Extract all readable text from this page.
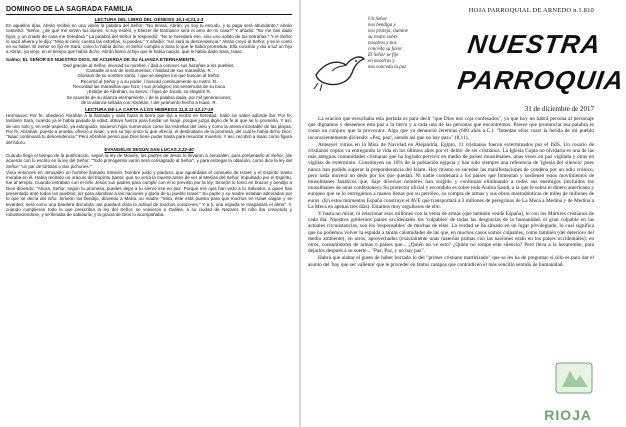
DOMINGO DE LA SAGRADA FAMILIA
LECTURA DEL LIBRO DEL GÉNESIS 15,1-6;21,1-3

En aquellos días, Abrán recibió en una visión la palabra del Señor: "No temas, Abrán, yo soy tu escudo, y tu paga será abundante." Abrán contestó: "Señor, ¿de qué me sirven tus dones, si soy estéril, y Eliezer de Damasco será el amo de mi casa?" Y añadió: "No me has dado hijos, y un criado de casa me heredará." La palabra del Señor le respondió: "No te heredará ése, sino uno salido de tus entrañas." Y el Señor lo sacó afuera y le dijo: "Mira al cielo; cuenta las estrellas, si puedes." Y añadió: "Así será tu descendencia." Abrán creyó al Señor, y se le contó en su haber. El Señor se fijó en Sara, como lo había dicho; el Señor cumplió a Sara lo que le había prometido. Ella concibió y dio a luz un hijo a Abrán, ya viejo, en el tiempo que había dicho. Abrán llamó al hijo que le había nacido, que le había dado Sara, Isaac.

Salmo: EL SEÑOR ES NUESTRO DIOS, SE ACUERDA DE SU ALIANZA ETERNAMENTE.
Dad gracias al Señor, invocad su nombre, / dad a conocer sus hazañas a los pueblos.
Cantadle al son de instrumentos, / hablad de sus maravillas. R.
Gloriaos de su nombre santo, / que se alegren los que buscan al Señor.
Recurrid al Señor y a su poder, / buscad continuamente su rostro. R.
Recordad las maravillas que hizo, / sus prodigios, las sentencias de su boca
¡Estirpe de Abrahán, su siervo; / hijos de Jacob, su elegido! R.
Se acuerda de su alianza eternamente, / de la palabra dada, por mil generaciones;
de la alianza sellada con Abrahán, / del juramento hecho a Isaac. R.
LECTURA DE LA CARTA A LOS HEBREOS 11,8.11-12.17-19

Hermanos: Por fe, obedeció Abrahán a la llamada y salió hacia la tierra que iba a recibir en heredad. Salió sin saber adónde iba. Por fe, también Sara, cuando ya le había pasado la edad, obtuvo fuerza para fundar un linaje, porque juzgó digno de fe al que se lo prometía. Y así, de uno solo y, en este aspecto, ya extinguido, nacieron hijos numerosos como las estrellas del cielo y como la arena incontable de las playas. Por fe, Abrahán, puesto a prueba, ofreció a Isaac; y era su hijo único lo que ofrecía, el destinatario de la promesa, del cual le había dicho Dios: "Isaac continuará tu descendencia." Pero Abrahán pensó que Dios tiene poder hasta para resucitar muertos. Y así, recobró a Isaac como figura del futuro.

EVANGELIO SEGÚN SAN LUCAS 2,22-40

Cuando llegó el tiempo de la purificación, según la ley de Moisés, los padres de Jesús lo llevaron a Jerusalén, para presentarlo al Señor, (de acuerdo con lo escrito en la ley del Señor: "Todo primogénito varón será consagrado al Señor", y para entregar la oblación, como dice la ley del Señor: "un par de tórtolas o dos pichones."

Vivía entonces en Jerusalén un hombre llamado Simeón, hombre justo y piadoso, que aguardaba el consuelo de Israel; y el Espíritu Santo moraba en él. Había recibido un oráculo del Espíritu Santo: que no vería la muerte antes de ver al Mesías del Señor. Impulsado por el Espíritu, fue al templo. Cuando entraban con el niño Jesús sus padres para cumplir con él lo previsto por la ley, Simeón lo tomó en brazos y bendijo a Dios diciendo: "Ahora, Señor, según tu promesa, puedes dejar a tu siervo irse en paz. Porque mis ojos han visto a tu Salvador, a quien has presentado ante todos los pueblos: luz para alumbrar a las naciones y gloria de tu pueblo Israel." Su padre y su madre estaban admirados por lo que se decía del niño. Simeón los bendijo, diciendo a María, su madre: "Mira, éste está puesto para que muchos en Israel caigan y se levanten; será como una bandera discutida: así quedará clara la actitud de muchos corazones." Y a ti, una espada te traspasará el alma". Y, cuando cumplieron todo lo que prescribía la ley del Señor, se volvieron a Galilea, a su ciudad de Nazaret. El niño iba creciendo y robusteciéndose, y se llenaba de sabiduría; y la gracia de Dios lo acompañaba.

HOJA PARROQUIAL DE ARNEDO n.1.810
Un Señor
nos bendiga y
nos proteja, ilumine
su rostro sobre
nosotros y nos
conceda su favor.
El Señor se fije
en nosotros y
nos conceda la paz
NUESTRA
PARROQUIA
31 de diciembre de 2017

La oración que escuchaba esta portada es para decir "que Dios nos coja confesados", ya que hoy no habrá persona al personaje que dignamos y deseemos esta paz a la tierra y a cada una de las personas que encontremos. Parece que pronunciar esa palabra es como un conjuro que la provocara. Algo que ya denunció Jeremías (600 años a.C.): "Intentan ellos curar la herida de mi pueblo inconscientemente diciendo: «Paz, paz!, siendo así que no hay paz»" (8,11).

Anteayer vimos en la Misa de Navidad en Alejandría, Egipto, 11 cristianos fueron exterminados por el ISIS. Un rosario de cristianos coptos va entregando la vida en los últimos años por el 'delito' de ser cristianos. La Iglesia Copta no olvidaría es una de las más antiguas comunidades cristianas que ha logrado pervivir en medio de países musulmanes, unas veces en paz vigilada y otras en vigilias de exterminio. Constituyen un 10% de la población egipcia y han sido siempre una referencia de 'iglesia del silencio' pues nunca han podido superar la preponderancia del Islam. Hoy mismo se suceden las manifestaciones de condena por un odio crónico, pero nada moverá un dedo por los que quedan. Ni nadie condenará a los países que fomentan y sostienen estos movimientos de musulmanes fanáticos que, bajo diversos nombres han surgido y continúan eliminando a todos sus enemigos (incluidos los musulmanes de otras confesiones). Su protector oficial y escondido es sobre todo Arabia Saudí, a la que le sobra el dinero americano y europeo que se lo entregamos a manos llenas por su petróleo, su compra de armas y sus obras mastodónticas de miles de millones de euros. (En estos momentos España construye el AVE que transportará a 3 millones de peregrinos de La Meca a Medina y de Medina a La Meca en apenas tres días). Estamos muy orgullosos de ello.

Y hasta no mirar, ni relacionar esos millones con la venta de armas (que también vende España), ni con los Mártires cristianos de cada día. Nuestros gobiernos países occidentales los 'culpables' de todas las desgracias de la humanidad, el gran culpable en las actuales circunstancias, son los 'responsables' de muchas de ellas. La verdad se ha situado en un lugar privilegiado, lo cual significa que no podemos volver la espalda a tantas calamidades de las que, en muchos casos somos culpables, como también (del deterioro del medio ambiente); en otros, aprovechados (exactamente unas materias primas con las naciones están en los países occidentales); en otros, consumidores de armas o países que... ¿Quién no ve esto? ¿Quién no rompe este silencio? Pero lleva a la hecatombe, para dejarlos después a su suerte... "Paz, Paz, y no hay paz".

Habrá que alabar el gusto de haber borrado lo del "primer cristiano martirizado" que se les ha de preguntar si sólo es para dar el asunto del 'hay que ser valiente' que le proceder en tantos campos que contradicen el más sencillo sentido de humanidad.

RIOJA
